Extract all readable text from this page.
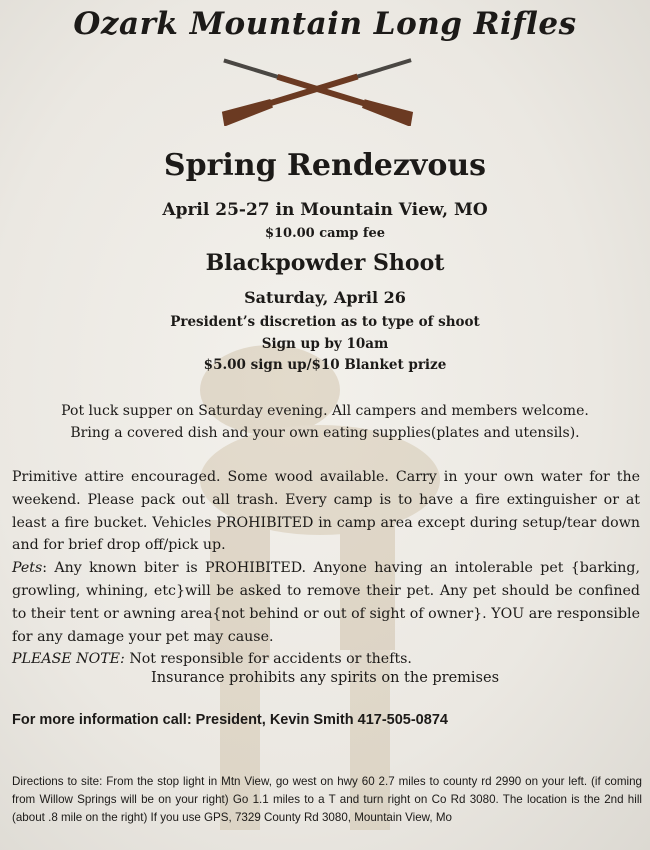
Ozark Mountain Long Rifles
Spring Rendezvous
April 25-27 in Mountain View, MO
$10.00 camp fee
Blackpowder Shoot
Saturday, April 26
President’s discretion as to type of shoot
Sign up by 10am
$5.00 sign up/$10 Blanket prize
Pot luck supper on Saturday evening. All campers and members welcome.
Bring a covered dish and your own eating supplies(plates and utensils).

Primitive attire encouraged. Some wood available. Carry in your own water for the weekend. Please pack out all trash. Every camp is to have a fire extinguisher or at least a fire bucket. Vehicles PROHIBITED in camp area except during setup/tear down and for brief drop off/pick up.

Pets: Any known biter is PROHIBITED. Anyone having an intolerable pet {barking, growling, whining, etc}will be asked to remove their pet. Any pet should be confined to their tent or awning area{not behind or out of sight of owner}. YOU are responsible for any damage your pet may cause.

PLEASE NOTE: Not responsible for accidents or thefts.

Insurance prohibits any spirits on the premises
For more information call: President, Kevin Smith 417-505-0874
Directions to site: From the stop light in Mtn View, go west on hwy 60 2.7 miles to county rd 2990 on your left. (if coming from Willow Springs will be on your right) Go 1.1 miles to a T and turn right on Co Rd 3080. The location is the 2nd hill (about .8 mile on the right) If you use GPS, 7329 County Rd 3080, Mountain View, Mo
